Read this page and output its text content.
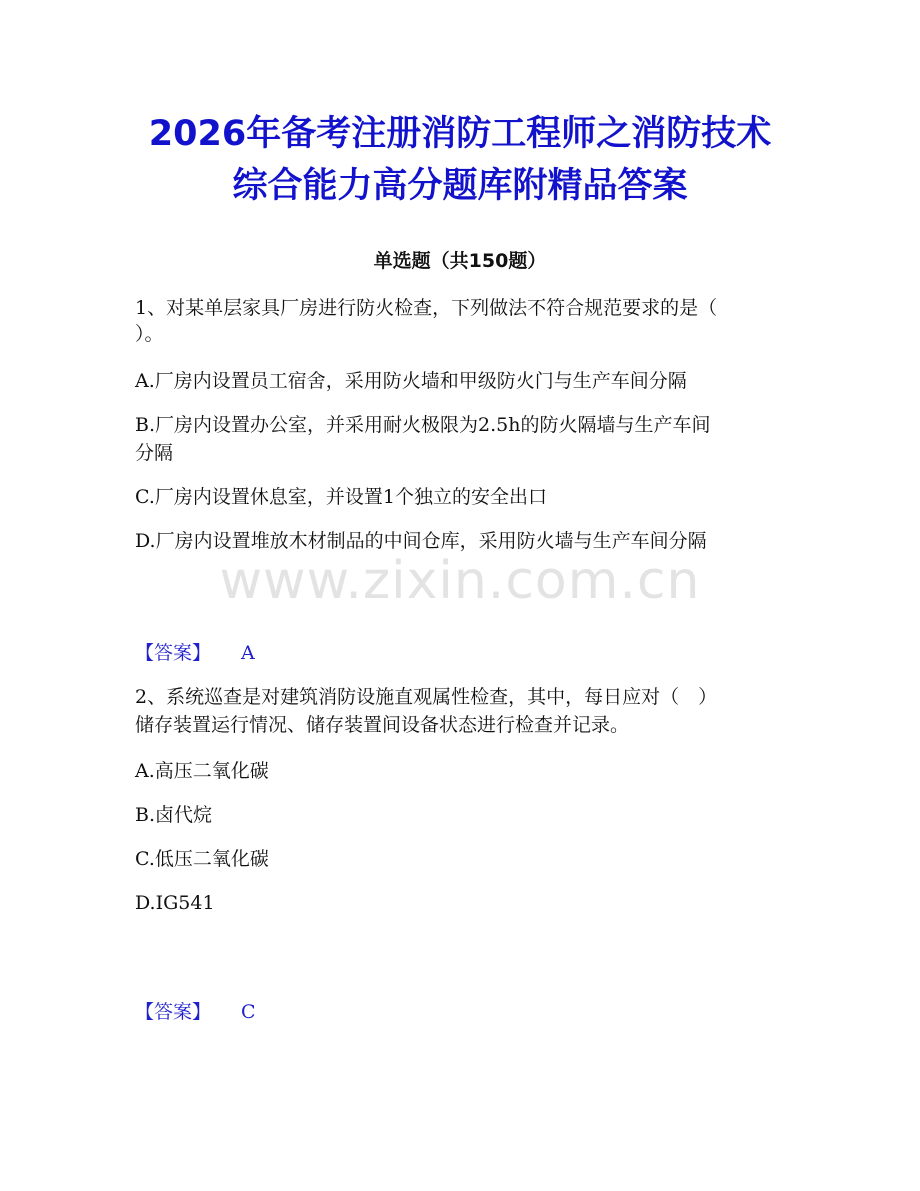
2026年备考注册消防工程师之消防技术
综合能力高分题库附精品答案
单选题（共150题）
1、对某单层家具厂房进行防火检查，下列做法不符合规范要求的是（
）。
A.厂房内设置员工宿舍，采用防火墙和甲级防火门与生产车间分隔
B.厂房内设置办公室，并采用耐火极限为2.5h的防火隔墙与生产车间
分隔
C.厂房内设置休息室，并设置1个独立的安全出口
D.厂房内设置堆放木材制品的中间仓库，采用防火墙与生产车间分隔
www.zixin.com.cn
【答案】 A
2、系统巡查是对建筑消防设施直观属性检查，其中，每日应对（　）
储存装置运行情况、储存装置间设备状态进行检查并记录。
A.高压二氧化碳
B.卤代烷
C.低压二氧化碳
D.IG541
【答案】 C
